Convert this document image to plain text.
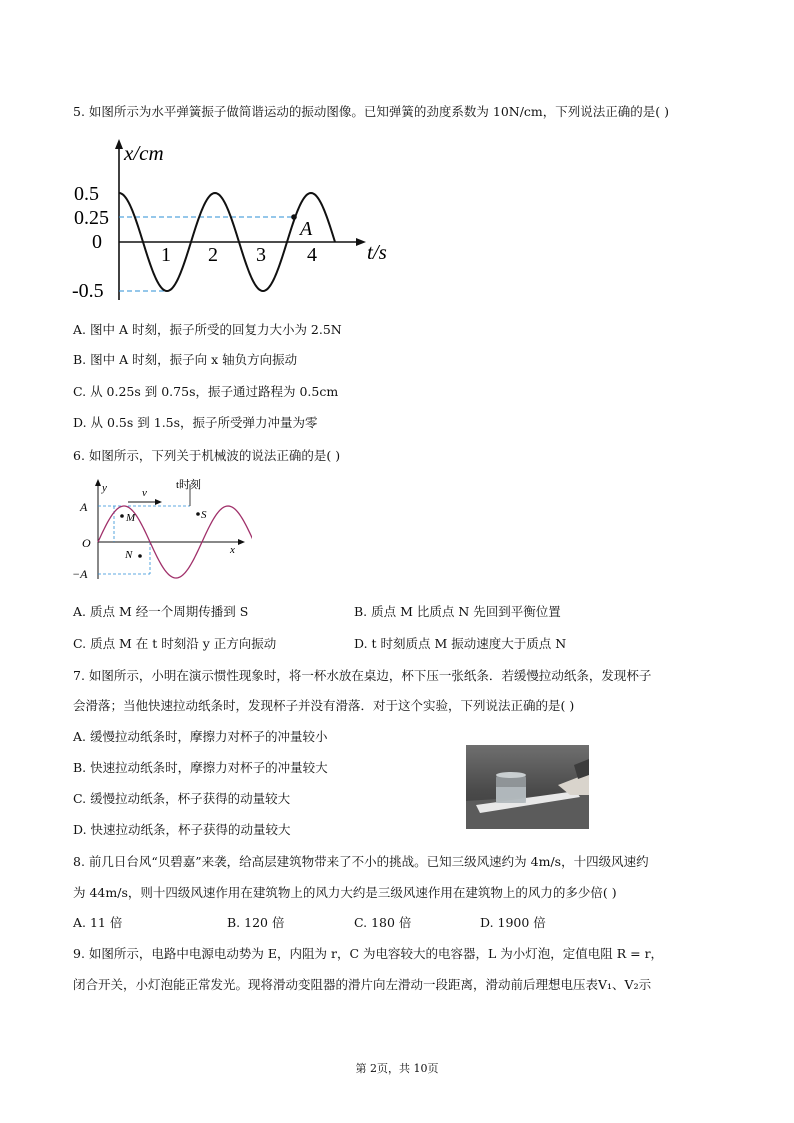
5. 如图所示为水平弹簧振子做简谐运动的振动图像。已知弹簧的劲度系数为 10N/cm，下列说法正确的是( )
x/cm
t/s
0.5
0.25
0
-0.5
1 2 3 4
A
A. 图中 A 时刻，振子所受的回复力大小为 2.5N
B. 图中 A 时刻，振子向 x 轴负方向振动
C. 从 0.25s 到 0.75s，振子通过路程为 0.5cm
D. 从 0.5s 到 1.5s，振子所受弹力冲量为零
6. 如图所示，下列关于机械波的说法正确的是( )
y
x
v
t时刻
A
−A
O
M
N
S
A. 质点 M 经一个周期传播到 S	B. 质点 M 比质点 N 先回到平衡位置
C. 质点 M 在 t 时刻沿 y 正方向振动	D. t 时刻质点 M 振动速度大于质点 N
7. 如图所示，小明在演示惯性现象时，将一杯水放在桌边，杯下压一张纸条．若缓慢拉动纸条，发现杯子
会滑落；当他快速拉动纸条时，发现杯子并没有滑落．对于这个实验，下列说法正确的是( )
A. 缓慢拉动纸条时，摩擦力对杯子的冲量较小
B. 快速拉动纸条时，摩擦力对杯子的冲量较大
C. 缓慢拉动纸条，杯子获得的动量较大
D. 快速拉动纸条，杯子获得的动量较大
8. 前几日台风“贝碧嘉”来袭，给高层建筑物带来了不小的挑战。已知三级风速约为 4m/s，十四级风速约
为 44m/s，则十四级风速作用在建筑物上的风力大约是三级风速作用在建筑物上的风力的多少倍( )
A. 11 倍	B. 120 倍	C. 180 倍	D. 1900 倍
9. 如图所示，电路中电源电动势为 E，内阻为 r，C 为电容较大的电容器，L 为小灯泡，定值电阻 R = r，
闭合开关，小灯泡能正常发光。现将滑动变阻器的滑片向左滑动一段距离，滑动前后理想电压表V₁、V₂示
第 2页，共 10页
